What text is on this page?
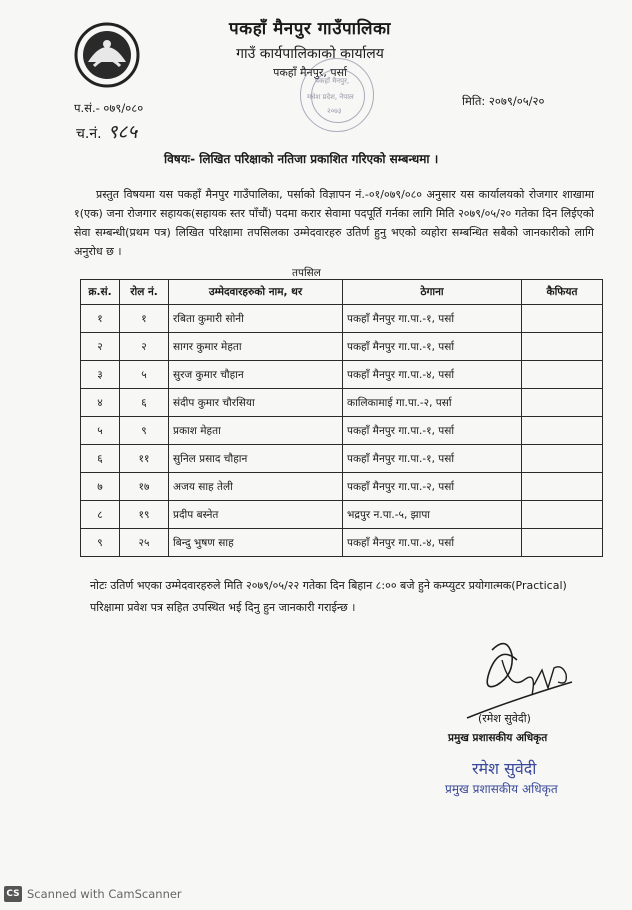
पकहाँ मैनपुर गाउँपालिका
गाउँ कार्यपालिकाको कार्यालय
पकहाँ मैनपुर, पर्सा
पकहाँ मैनपुर,
मधेश प्रदेश, नेपाल
२०७३
प.सं.- ०७९/०८०
च.नं. ९८५
मिति: २०७९/०५/२०
विषयः- लिखित परिक्षाको नतिजा प्रकाशित गरिएको सम्बन्धमा ।
प्रस्तुत विषयमा यस पकहाँ मैनपुर गाउँपालिका, पर्साको विज्ञापन नं.-०१/०७९/०८० अनुसार यस कार्यालयको रोजगार शाखामा १(एक) जना रोजगार सहायक(सहायक स्तर पाँचौं) पदमा करार सेवामा पदपूर्ति गर्नका लागि मिति २०७९/०५/२० गतेका दिन लिईएको सेवा सम्बन्धी(प्रथम पत्र) लिखित परिक्षामा तपसिलका उम्मेदवारहरु उतिर्ण हुनु भएको व्यहोरा सम्बन्धित सबैको जानकारीको लागि अनुरोध छ ।
तपसिल
क्र.सं.	रोल नं.	उम्मेदवारहरुको नाम, थर	ठेगाना	कैफियत
१	१	रबिता कुमारी सोनी	पकहाँ मैनपुर गा.पा.-१, पर्सा	
२	२	सागर कुमार मेहता	पकहाँ मैनपुर गा.पा.-१, पर्सा	
३	५	सुरज कुमार चौहान	पकहाँ मैनपुर गा.पा.-४, पर्सा	
४	६	संदीप कुमार चौरसिया	कालिकामाई गा.पा.-२, पर्सा	
५	९	प्रकाश मेहता	पकहाँ मैनपुर गा.पा.-१, पर्सा	
६	११	सुनिल प्रसाद चौहान	पकहाँ मैनपुर गा.पा.-१, पर्सा	
७	१७	अजय साह तेली	पकहाँ मैनपुर गा.पा.-२, पर्सा	
८	१९	प्रदीप बस्नेत	भद्रपुर न.पा.-५, झापा	
९	२५	बिन्दु भुषण साह	पकहाँ मैनपुर गा.पा.-४, पर्सा	
नोटः उतिर्ण भएका उम्मेदवारहरुले मिति २०७९/०५/२२ गतेका दिन बिहान ८:०० बजे हुने कम्प्युटर प्रयोगात्मक(Practical) परिक्षामा प्रवेश पत्र सहित उपस्थित भई दिनु हुन जानकारी गराईन्छ ।
(रमेश सुवेदी)
प्रमुख प्रशासकीय अधिकृत
रमेश सुवेदी
प्रमुख प्रशासकीय अधिकृत
CS Scanned with CamScanner
